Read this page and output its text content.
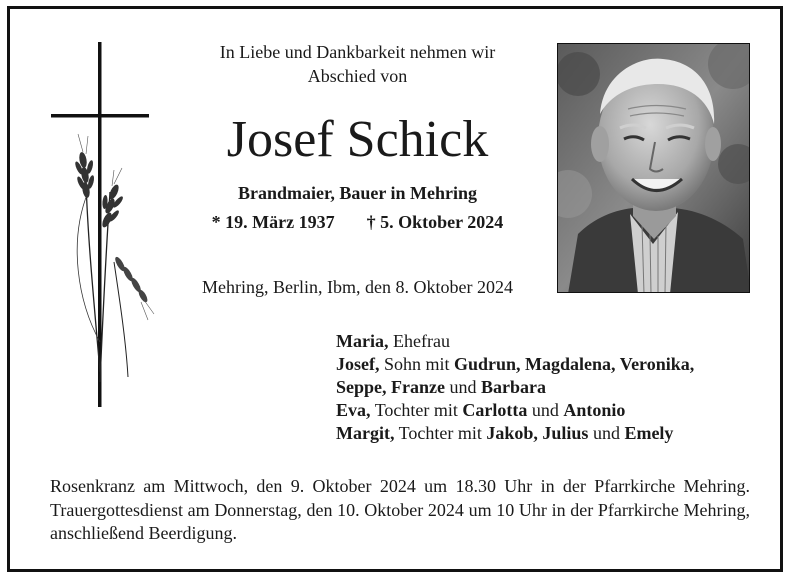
In Liebe und Dankbarkeit nehmen wir
Abschied von
Josef Schick
Brandmaier, Bauer in Mehring
* 19. März 1937 † 5. Oktober 2024
Mehring, Berlin, Ibm, den 8. Oktober 2024
Maria, Ehefrau
Josef, Sohn mit Gudrun, Magdalena, Veronika,
Seppe, Franze und Barbara
Eva, Tochter mit Carlotta und Antonio
Margit, Tochter mit Jakob, Julius und Emely
Rosenkranz am Mittwoch, den 9. Oktober 2024 um 18.30 Uhr in der Pfarrkirche Mehring. Trauergottesdienst am Donnerstag, den 10. Oktober 2024 um 10 Uhr in der Pfarrkirche Mehring, anschließend Beerdigung.
